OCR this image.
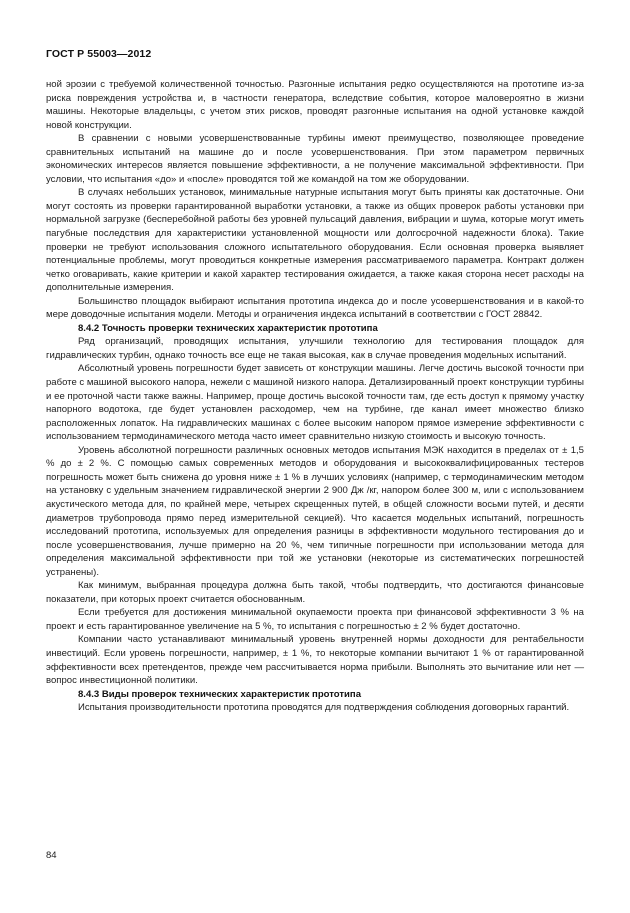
ГОСТ Р 55003—2012

ной эрозии с требуемой количественной точностью. Разгонные испытания редко осуществляются на прототипе из-за риска повреждения устройства и, в частности генератора, вследствие события, которое маловероятно в жизни машины. Некоторые владельцы, с учетом этих рисков, проводят разгонные испытания на одной установке каждой новой конструкции.

В сравнении с новыми усовершенствованные турбины имеют преимущество, позволяющее проведение сравнительных испытаний на машине до и после усовершенствования. При этом параметром первичных экономических интересов является повышение эффективности, а не получение максимальной эффективности. При условии, что испытания «до» и «после» проводятся той же командой на том же оборудовании.

В случаях небольших установок, минимальные натурные испытания могут быть приняты как достаточные. Они могут состоять из проверки гарантированной выработки установки, а также из общих проверок работы установки при нормальной загрузке (бесперебойной работы без уровней пульсаций давления, вибрации и шума, которые могут иметь пагубные последствия для характеристики установленной мощности или долгосрочной надежности блока). Такие проверки не требуют использования сложного испытательного оборудования. Если основная проверка выявляет потенциальные проблемы, могут проводиться конкретные измерения рассматриваемого параметра. Контракт должен четко оговаривать, какие критерии и какой характер тестирования ожидается, а также какая сторона несет расходы на дополнительные измерения.

Большинство площадок выбирают испытания прототипа индекса до и после усовершенствования и в какой-то мере доводочные испытания модели. Методы и ограничения индекса испытаний в соответствии с ГОСТ 28842.

8.4.2 Точность проверки технических характеристик прототипа

Ряд организаций, проводящих испытания, улучшили технологию для тестирования площадок для гидравлических турбин, однако точность все еще не такая высокая, как в случае проведения модельных испытаний.

Абсолютный уровень погрешности будет зависеть от конструкции машины. Легче достичь высокой точности при работе с машиной высокого напора, нежели с машиной низкого напора. Детализированный проект конструкции турбины и ее проточной части также важны. Например, проще достичь высокой точности там, где есть доступ к прямому участку напорного водотока, где будет установлен расходомер, чем на турбине, где канал имеет множество близко расположенных лопаток. На гидравлических машинах с более высоким напором прямое измерение эффективности с использованием термодинамического метода часто имеет сравнительно низкую стоимость и высокую точность.

Уровень абсолютной погрешности различных основных методов испытания МЭК находится в пределах от ± 1,5 % до ± 2 %. С помощью самых современных методов и оборудования и высококвалифицированных тестеров погрешность может быть снижена до уровня ниже ± 1 % в лучших условиях (например, с термодинамическим методом на установку с удельным значением гидравлической энергии 2 900 Дж /кг, напором более 300 м, или с использованием акустического метода для, по крайней мере, четырех скрещенных путей, в общей сложности восьми путей, и десяти диаметров трубопровода прямо перед измерительной секцией). Что касается модельных испытаний, погрешность исследований прототипа, используемых для определения разницы в эффективности модульного тестирования до и после усовершенствования, лучше примерно на 20 %, чем типичные погрешности при использовании метода для определения максимальной эффективности при той же установки (некоторые из систематических погрешностей устранены).

Как минимум, выбранная процедура должна быть такой, чтобы подтвердить, что достигаются финансовые показатели, при которых проект считается обоснованным.

Если требуется для достижения минимальной окупаемости проекта при финансовой эффективности 3 % на проект и есть гарантированное увеличение на 5 %, то испытания с погрешностью ± 2 % будет достаточно.

Компании часто устанавливают минимальный уровень внутренней нормы доходности для рентабельности инвестиций. Если уровень погрешности, например, ± 1 %, то некоторые компании вычитают 1 % от гарантированной эффективности всех претендентов, прежде чем рассчитывается норма прибыли. Выполнять это вычитание или нет — вопрос инвестиционной политики.

8.4.3 Виды проверок технических характеристик прототипа

Испытания производительности прототипа проводятся для подтверждения соблюдения договорных гарантий.

84
